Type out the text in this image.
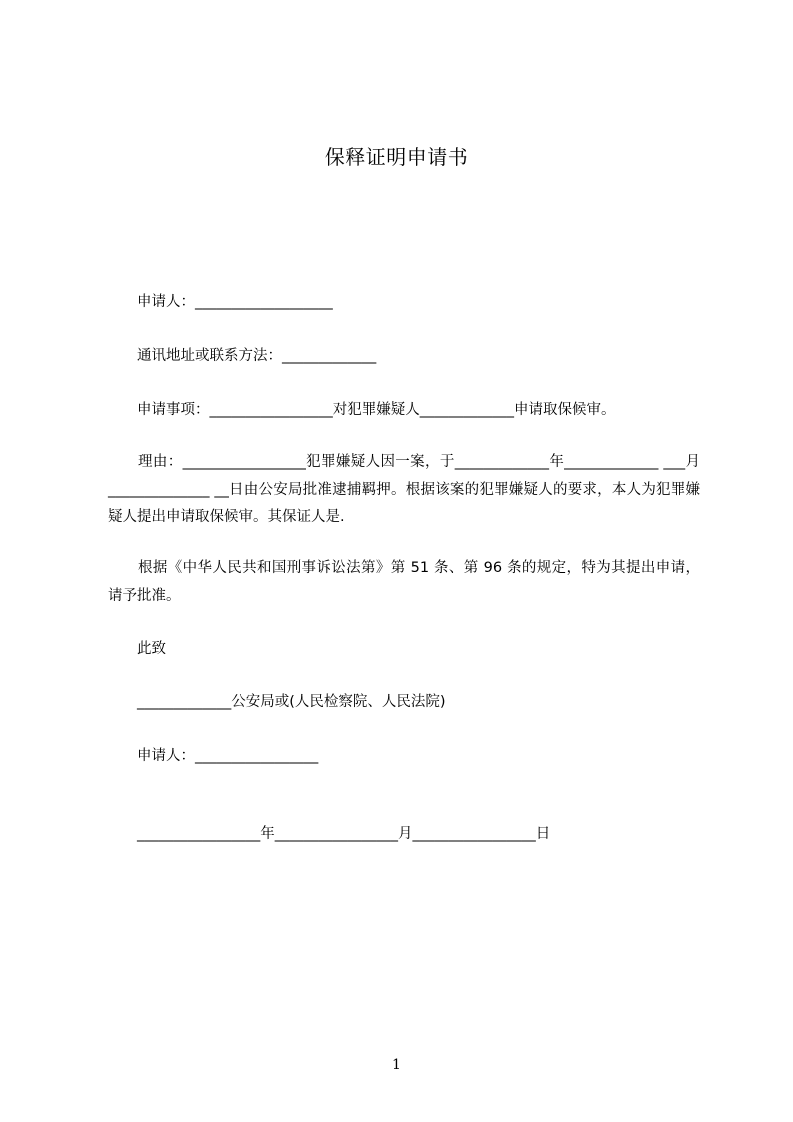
保释证明申请书
申请人：___________________
通讯地址或联系方法：_____________
申请事项：_________________对犯罪嫌疑人_____________申请取保候审。
理由：_________________犯罪嫌疑人因一案，于_____________年_____________ ___月______________ __日由公安局批准逮捕羁押。根据该案的犯罪嫌疑人的要求，本人为犯罪嫌疑人提出申请取保候审。其保证人是.
根据《中华人民共和国刑事诉讼法第》第 51 条、第 96 条的规定，特为其提出申请，请予批准。
此致
_____________公安局或(人民检察院、人民法院)
申请人：_________________
_________________年_________________月_________________日
1
